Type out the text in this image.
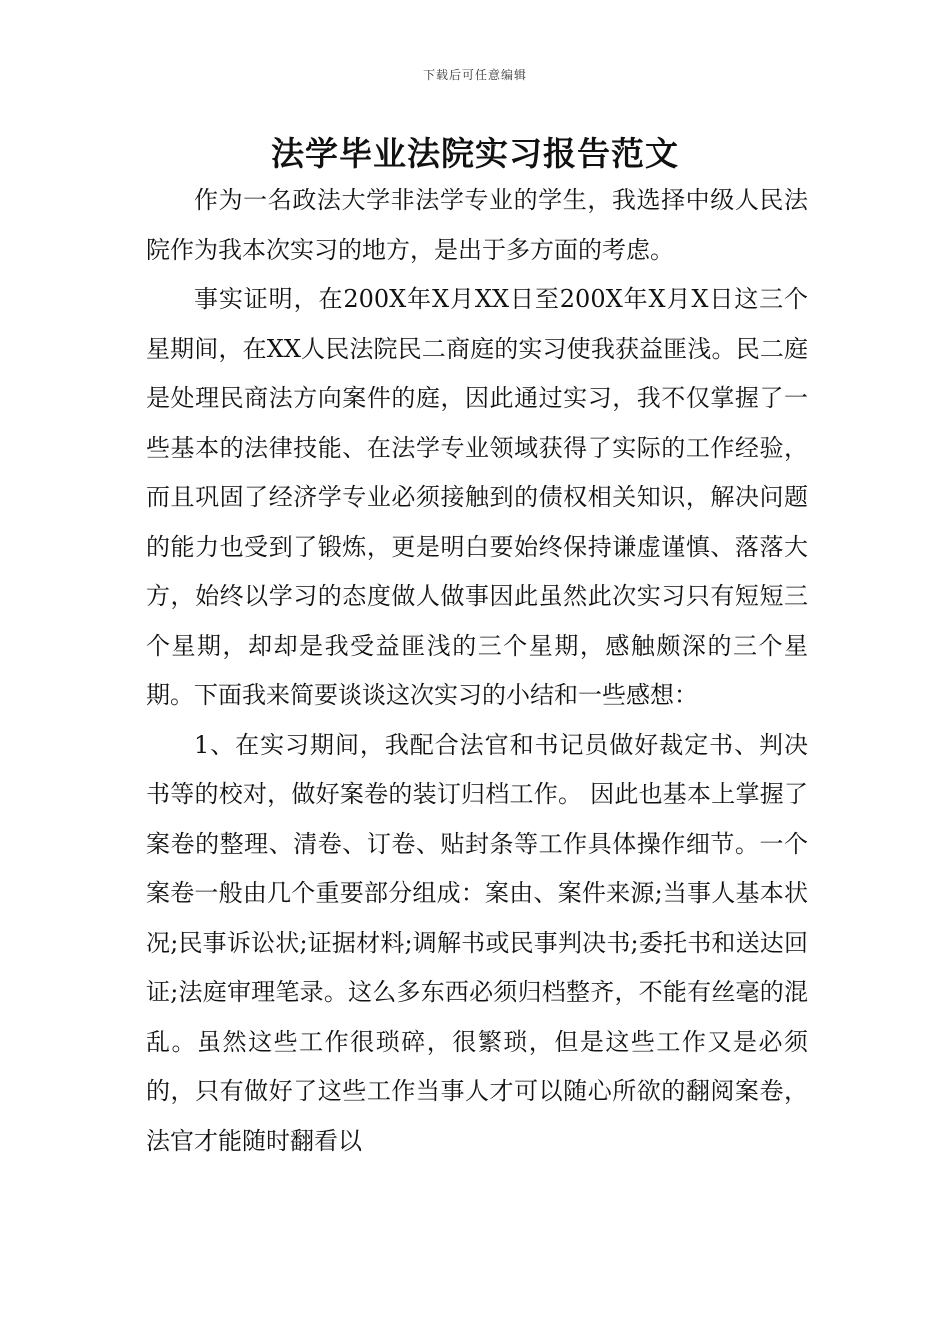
下载后可任意编辑
法学毕业法院实习报告范文

作为一名政法大学非法学专业的学生，我选择中级人民法院作为我本次实习的地方，是出于多方面的考虑。

事实证明，在200X年X月XX日至200X年X月X日这三个星期间，在XX人民法院民二商庭的实习使我获益匪浅。民二庭是处理民商法方向案件的庭，因此通过实习，我不仅掌握了一些基本的法律技能、在法学专业领域获得了实际的工作经验，而且巩固了经济学专业必须接触到的债权相关知识，解决问题的能力也受到了锻炼，更是明白要始终保持谦虚谨慎、落落大方，始终以学习的态度做人做事因此虽然此次实习只有短短三个星期，却却是我受益匪浅的三个星期，感触颇深的三个星期。下面我来简要谈谈这次实习的小结和一些感想：

1、在实习期间，我配合法官和书记员做好裁定书、判决书等的校对，做好案卷的装订归档工作。 因此也基本上掌握了案卷的整理、清卷、订卷、贴封条等工作具体操作细节。一个案卷一般由几个重要部分组成：案由、案件来源;当事人基本状况;民事诉讼状;证据材料;调解书或民事判决书;委托书和送达回证;法庭审理笔录。这么多东西必须归档整齐，不能有丝毫的混乱。虽然这些工作很琐碎，很繁琐，但是这些工作又是必须的，只有做好了这些工作当事人才可以随心所欲的翻阅案卷，法官才能随时翻看以
